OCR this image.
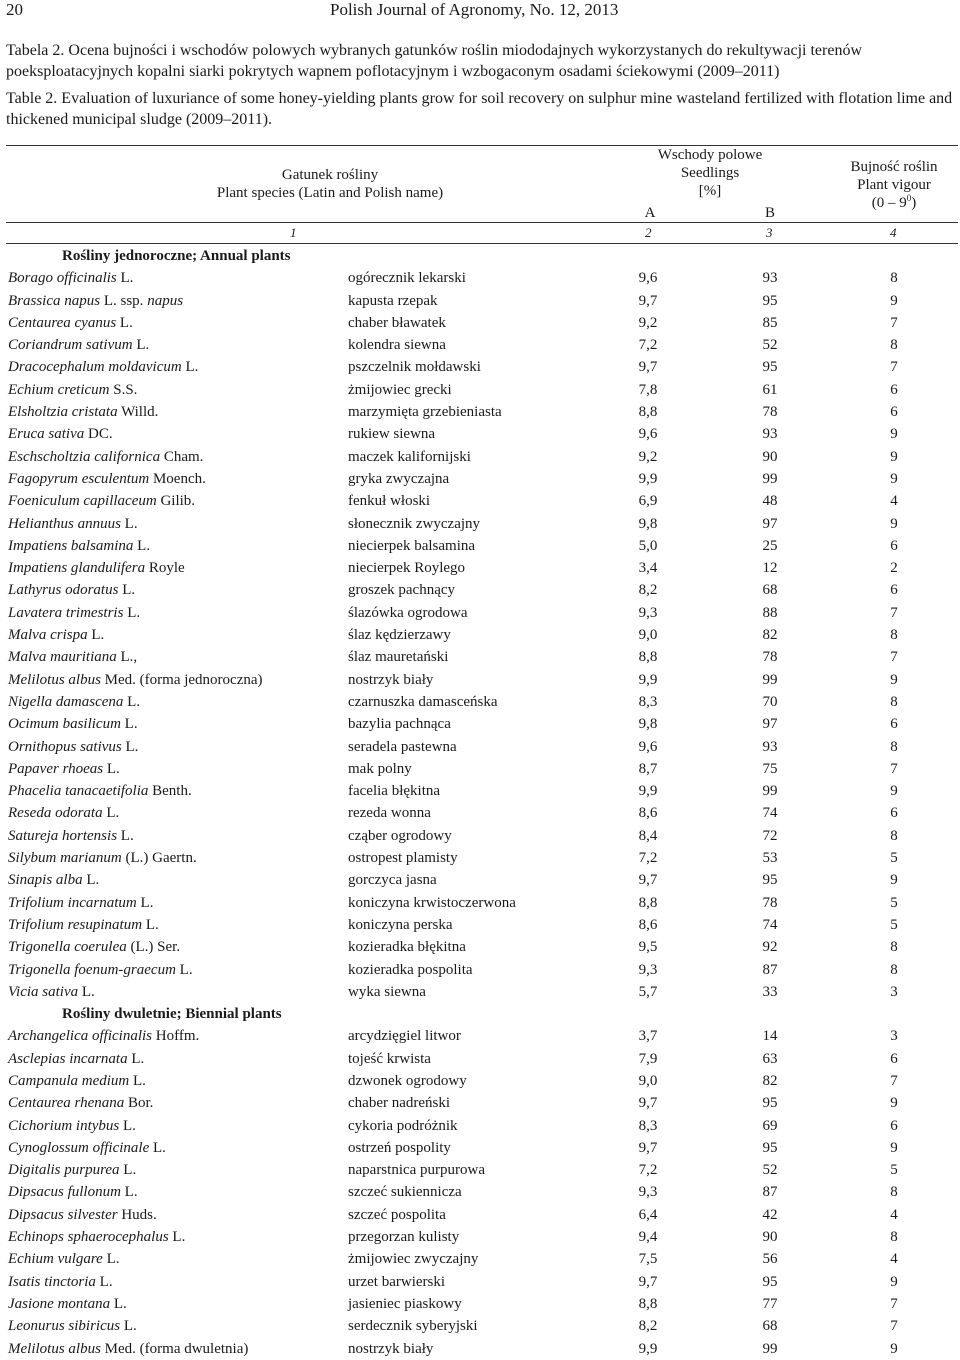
20	Polish Journal of Agronomy, No. 12, 2013
Tabela 2. Ocena bujności i wschodów polowych wybranych gatunków roślin miododajnych wykorzystanych do rekultywacji terenów poeksploatacyjnych kopalni siarki pokrytych wapnem poflotacyjnym i wzbogaconym osadami ściekowymi (2009–2011)
Table 2. Evaluation of luxuriance of some honey-yielding plants grow for soil recovery on sulphur mine wasteland fertilized with flotation lime and thickened municipal sludge (2009–2011).
Gatunek rośliny
Plant species (Latin and Polish name)
Wschody polowe
Seedlings
[%]
A	B
Bujność roślin
Plant vigour
$(0 - 9^0)$
1	2	3	4
Rośliny jednoroczne; Annual plants
Borago officinalis L.	ogórecznik lekarski	9,6	93	8
Brassica napus L. ssp. napus	kapusta rzepak	9,7	95	9
Centaurea cyanus L.	chaber bławatek	9,2	85	7
Coriandrum sativum L.	kolendra siewna	7,2	52	8
Dracocephalum moldavicum L.	pszczelnik mołdawski	9,7	95	7
Echium creticum S.S.	żmijowiec grecki	7,8	61	6
Elsholtzia cristata Willd.	marzymięta grzebieniasta	8,8	78	6
Eruca sativa DC.	rukiew siewna	9,6	93	9
Eschscholtzia californica Cham.	maczek kalifornijski	9,2	90	9
Fagopyrum esculentum Moench.	gryka zwyczajna	9,9	99	9
Foeniculum capillaceum Gilib.	fenkuł włoski	6,9	48	4
Helianthus annuus L.	słonecznik zwyczajny	9,8	97	9
Impatiens balsamina L.	niecierpek balsamina	5,0	25	6
Impatiens glandulifera Royle	niecierpek Roylego	3,4	12	2
Lathyrus odoratus L.	groszek pachnący	8,2	68	6
Lavatera trimestris L.	ślazówka ogrodowa	9,3	88	7
Malva crispa L.	ślaz kędzierzawy	9,0	82	8
Malva mauritiana L.,	ślaz mauretański	8,8	78	7
Melilotus albus Med. (forma jednoroczna)	nostrzyk biały	9,9	99	9
Nigella damascena L.	czarnuszka damasceńska	8,3	70	8
Ocimum basilicum L.	bazylia pachnąca	9,8	97	6
Ornithopus sativus L.	seradela pastewna	9,6	93	8
Papaver rhoeas L.	mak polny	8,7	75	7
Phacelia tanacaetifolia Benth.	facelia błękitna	9,9	99	9
Reseda odorata L.	rezeda wonna	8,6	74	6
Satureja hortensis L.	cząber ogrodowy	8,4	72	8
Silybum marianum (L.) Gaertn.	ostropest plamisty	7,2	53	5
Sinapis alba L.	gorczyca jasna	9,7	95	9
Trifolium incarnatum L.	koniczyna krwistoczerwona	8,8	78	5
Trifolium resupinatum L.	koniczyna perska	8,6	74	5
Trigonella coerulea (L.) Ser.	kozieradka błękitna	9,5	92	8
Trigonella foenum-graecum L.	kozieradka pospolita	9,3	87	8
Vicia sativa L.	wyka siewna	5,7	33	3
Rośliny dwuletnie; Biennial plants
Archangelica officinalis Hoffm.	arcydzięgiel litwor	3,7	14	3
Asclepias incarnata L.	tojeść krwista	7,9	63	6
Campanula medium L.	dzwonek ogrodowy	9,0	82	7
Centaurea rhenana Bor.	chaber nadreński	9,7	95	9
Cichorium intybus L.	cykoria podróżnik	8,3	69	6
Cynoglossum officinale L.	ostrzeń pospolity	9,7	95	9
Digitalis purpurea L.	naparstnica purpurowa	7,2	52	5
Dipsacus fullonum L.	szczeć sukiennicza	9,3	87	8
Dipsacus silvester Huds.	szczeć pospolita	6,4	42	4
Echinops sphaerocephalus L.	przegorzan kulisty	9,4	90	8
Echium vulgare L.	żmijowiec zwyczajny	7,5	56	4
Isatis tinctoria L.	urzet barwierski	9,7	95	9
Jasione montana L.	jasieniec piaskowy	8,8	77	7
Leonurus sibiricus L.	serdecznik syberyjski	8,2	68	7
Melilotus albus Med. (forma dwuletnia)	nostrzyk biały	9,9	99	9
